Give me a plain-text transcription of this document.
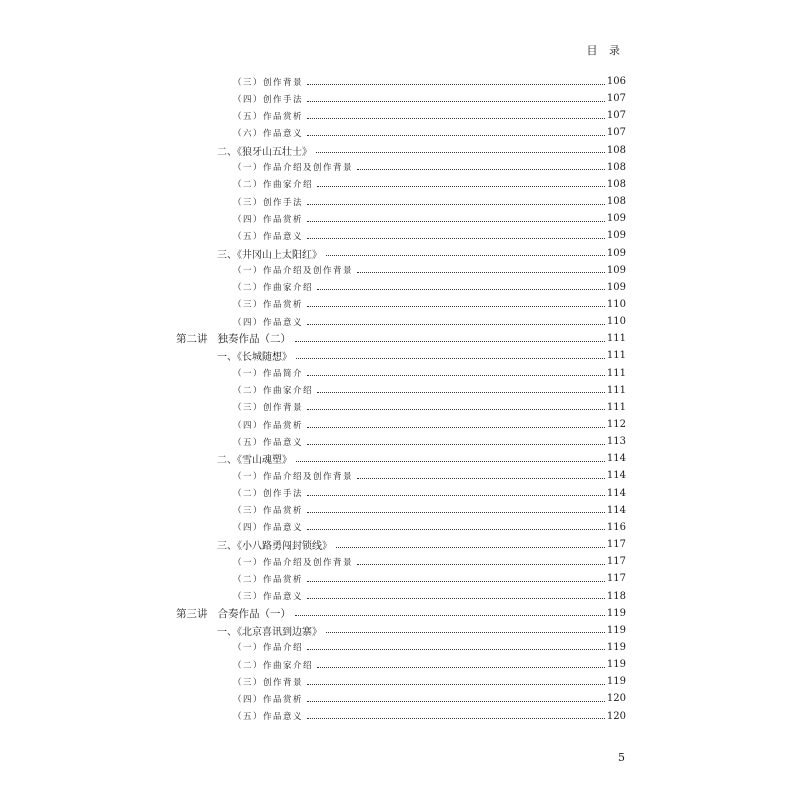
目 录
（三）创作背景	106
（四）创作手法	107
（五）作品赏析	107
（六）作品意义	107
二、《狼牙山五壮士》	108
（一）作品介绍及创作背景	108
（二）作曲家介绍	108
（三）创作手法	108
（四）作品赏析	109
（五）作品意义	109
三、《井冈山上太阳红》	109
（一）作品介绍及创作背景	109
（二）作曲家介绍	109
（三）作品赏析	110
（四）作品意义	110
第二讲 独奏作品（二）	111
一、《长城随想》	111
（一）作品简介	111
（二）作曲家介绍	111
（三）创作背景	111
（四）作品赏析	112
（五）作品意义	113
二、《雪山魂塑》	114
（一）作品介绍及创作背景	114
（二）创作手法	114
（三）作品赏析	114
（四）作品意义	116
三、《小八路勇闯封锁线》	117
（一）作品介绍及创作背景	117
（二）作品赏析	117
（三）作品意义	118
第三讲 合奏作品（一）	119
一、《北京喜讯到边寨》	119
（一）作品介绍	119
（二）作曲家介绍	119
（三）创作背景	119
（四）作品赏析	120
（五）作品意义	120
5
